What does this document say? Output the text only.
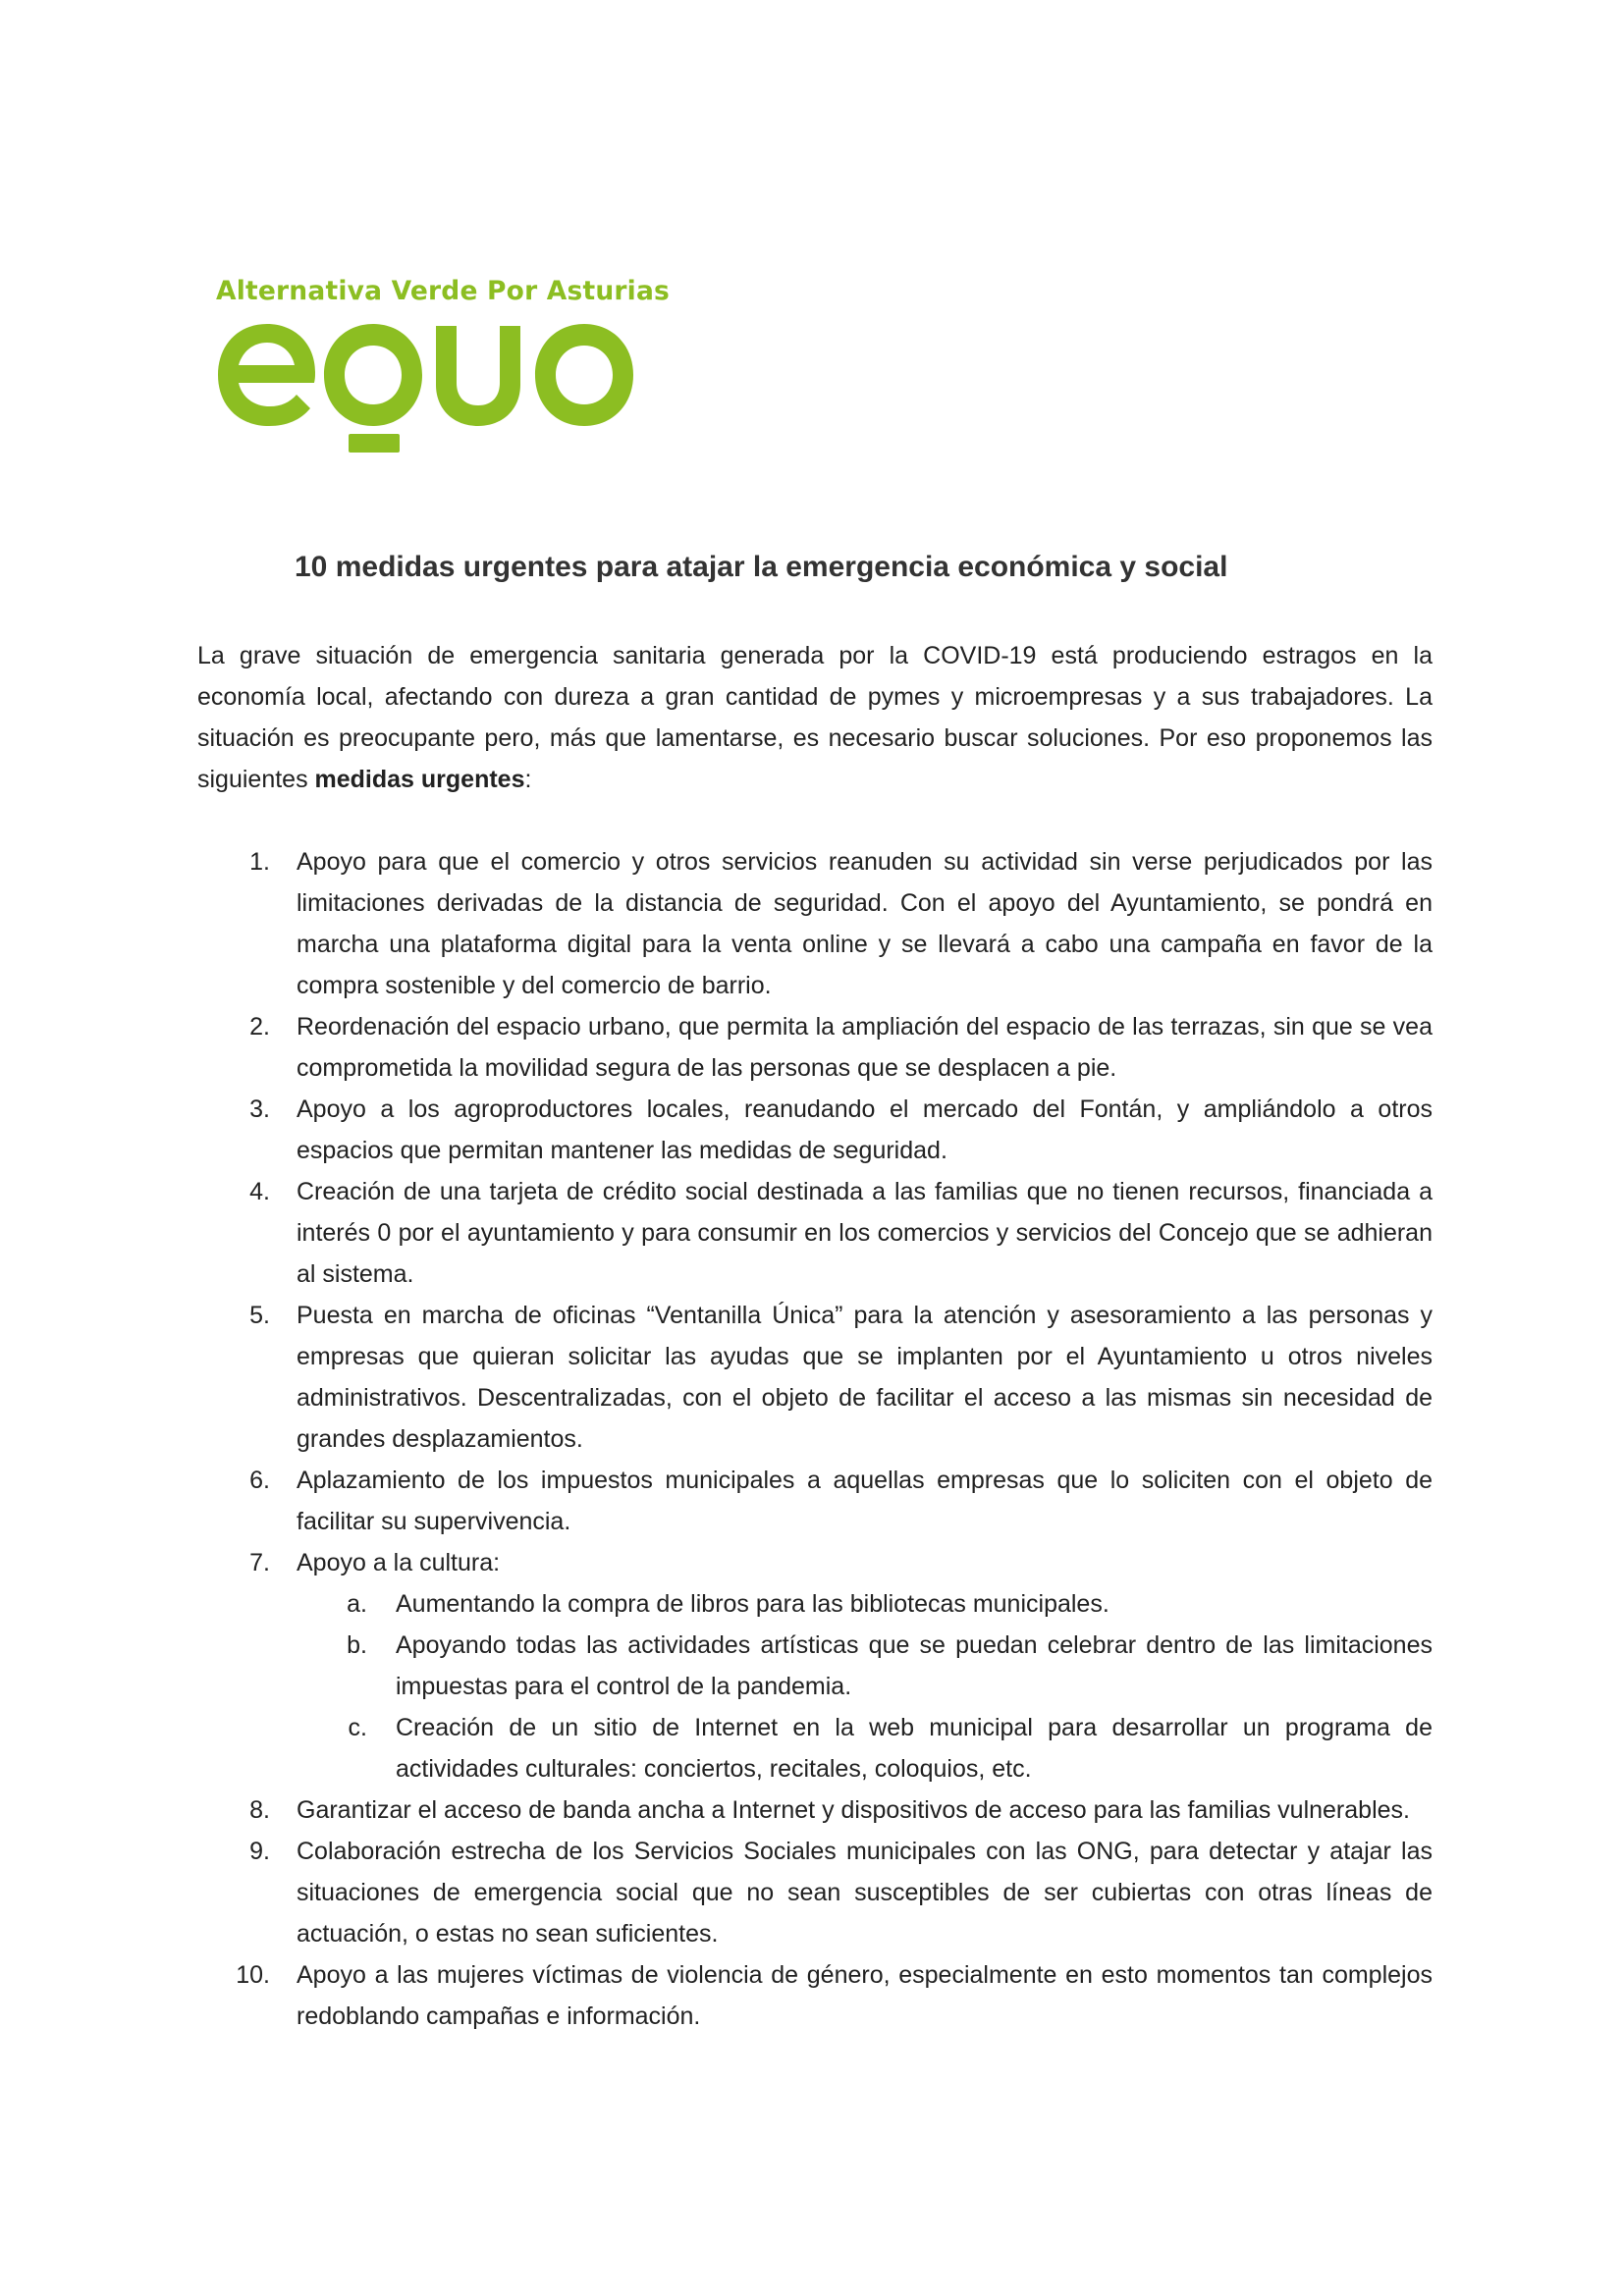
Alternativa Verde Por Asturias
10 medidas urgentes para atajar la emergencia económica y social

La grave situación de emergencia sanitaria generada por la COVID-19 está produciendo estragos en la economía local, afectando con dureza a gran cantidad de pymes y microempresas y a sus trabajadores. La situación es preocupante pero, más que lamentarse, es necesario buscar soluciones. Por eso proponemos las siguientes medidas urgentes:

1. Apoyo para que el comercio y otros servicios reanuden su actividad sin verse perjudicados por las limitaciones derivadas de la distancia de seguridad. Con el apoyo del Ayuntamiento, se pondrá en marcha una plataforma digital para la venta online y se llevará a cabo una campaña en favor de la compra sostenible y del comercio de barrio.
2. Reordenación del espacio urbano, que permita la ampliación del espacio de las terrazas, sin que se vea comprometida la movilidad segura de las personas que se desplacen a pie.
3. Apoyo a los agroproductores locales, reanudando el mercado del Fontán, y ampliándolo a otros espacios que permitan mantener las medidas de seguridad.
4. Creación de una tarjeta de crédito social destinada a las familias que no tienen recursos, financiada a interés 0 por el ayuntamiento y para consumir en los comercios y servicios del Concejo que se adhieran al sistema.
5. Puesta en marcha de oficinas “Ventanilla Única” para la atención y asesoramiento a las personas y empresas que quieran solicitar las ayudas que se implanten por el Ayuntamiento u otros niveles administrativos. Descentralizadas, con el objeto de facilitar el acceso a las mismas sin necesidad de grandes desplazamientos.
6. Aplazamiento de los impuestos municipales a aquellas empresas que lo soliciten con el objeto de facilitar su supervivencia.
7. Apoyo a la cultura:
a. Aumentando la compra de libros para las bibliotecas municipales.
b. Apoyando todas las actividades artísticas que se puedan celebrar dentro de las limitaciones impuestas para el control de la pandemia.
c. Creación de un sitio de Internet en la web municipal para desarrollar un programa de actividades culturales: conciertos, recitales, coloquios, etc.
8. Garantizar el acceso de banda ancha a Internet y dispositivos de acceso para las familias vulnerables.
9. Colaboración estrecha de los Servicios Sociales municipales con las ONG, para detectar y atajar las situaciones de emergencia social que no sean susceptibles de ser cubiertas con otras líneas de actuación, o estas no sean suficientes.
10. Apoyo a las mujeres víctimas de violencia de género, especialmente en esto momentos tan complejos redoblando campañas e información.
